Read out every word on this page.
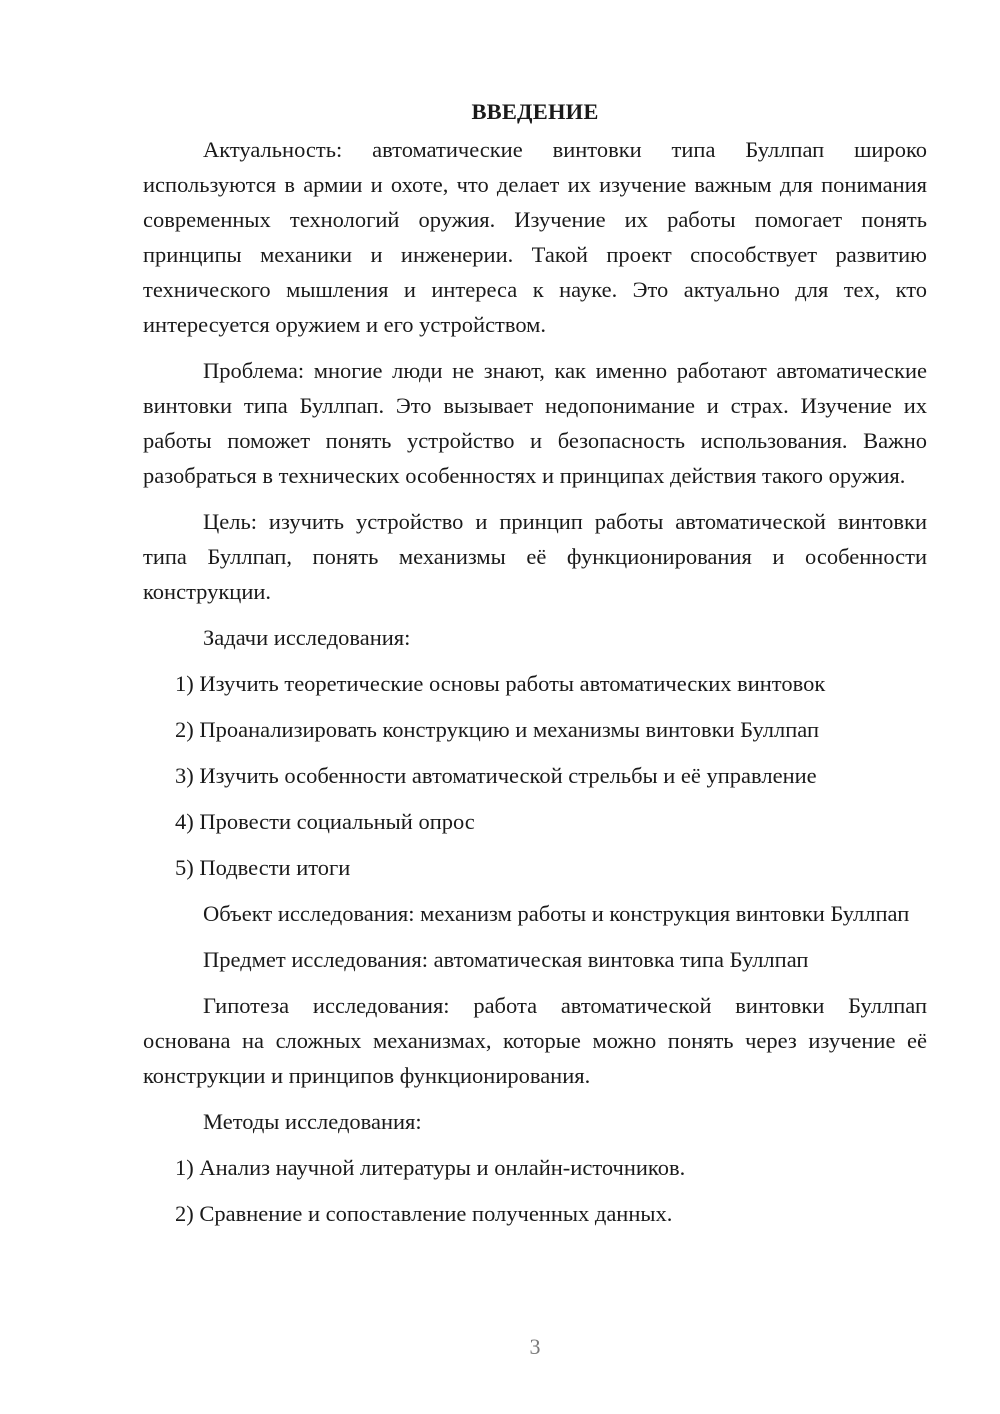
ВВЕДЕНИЕ

Актуальность: автоматические винтовки типа Буллпап широко используются в армии и охоте, что делает их изучение важным для понимания современных технологий оружия. Изучение их работы помогает понять принципы механики и инженерии. Такой проект способствует развитию технического мышления и интереса к науке. Это актуально для тех, кто интересуется оружием и его устройством.

Проблема: многие люди не знают, как именно работают автоматические винтовки типа Буллпап. Это вызывает недопонимание и страх. Изучение их работы поможет понять устройство и безопасность использования. Важно разобраться в технических особенностях и принципах действия такого оружия.

Цель: изучить устройство и принцип работы автоматической винтовки типа Буллпап, понять механизмы её функционирования и особенности конструкции.

Задачи исследования:

1) Изучить теоретические основы работы автоматических винтовок
2) Проанализировать конструкцию и механизмы винтовки Буллпап
3) Изучить особенности автоматической стрельбы и её управление
4) Провести социальный опрос
5) Подвести итоги

Объект исследования: механизм работы и конструкция винтовки Буллпап

Предмет исследования: автоматическая винтовка типа Буллпап

Гипотеза исследования: работа автоматической винтовки Буллпап основана на сложных механизмах, которые можно понять через изучение её конструкции и принципов функционирования.

Методы исследования:

1) Анализ научной литературы и онлайн-источников.
2) Сравнение и сопоставление полученных данных.
3
